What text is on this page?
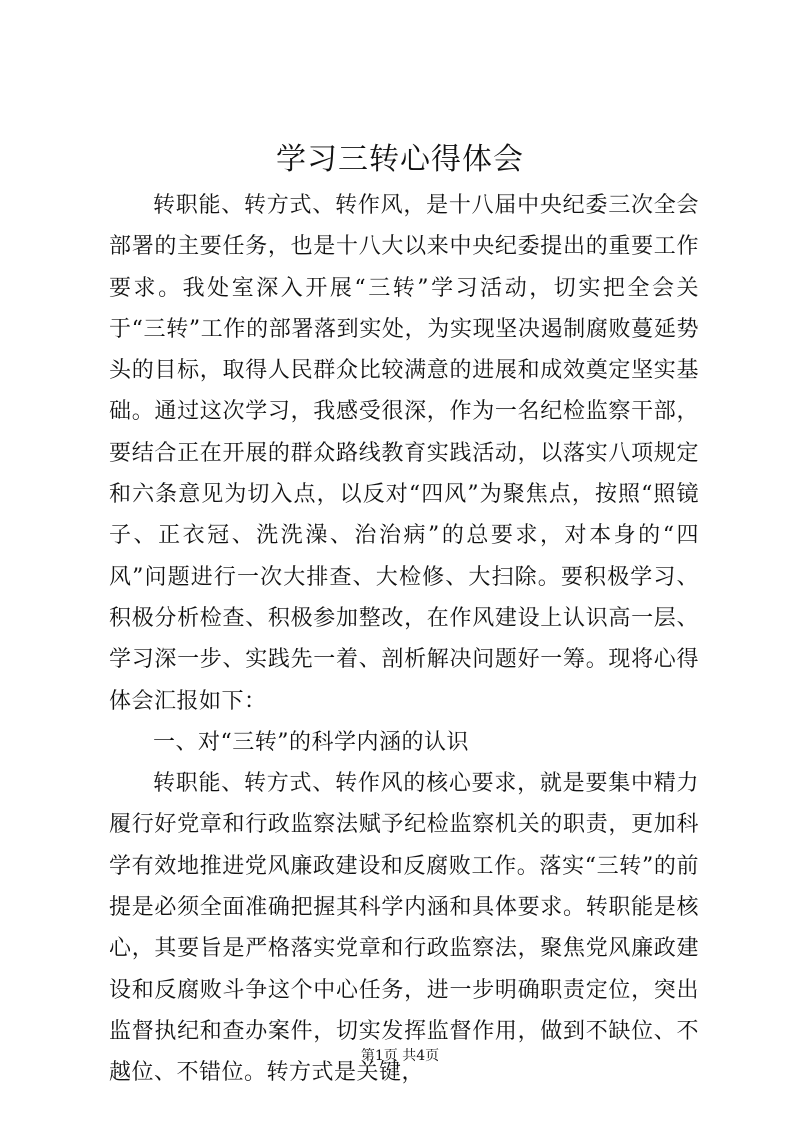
学习三转心得体会

转职能、转方式、转作风，是十八届中央纪委三次全会部署的主要任务，也是十八大以来中央纪委提出的重要工作要求。我处室深入开展“三转”学习活动，切实把全会关于“三转”工作的部署落到实处，为实现坚决遏制腐败蔓延势头的目标，取得人民群众比较满意的进展和成效奠定坚实基础。通过这次学习，我感受很深，作为一名纪检监察干部，要结合正在开展的群众路线教育实践活动，以落实八项规定和六条意见为切入点，以反对“四风”为聚焦点，按照“照镜子、正衣冠、洗洗澡、治治病”的总要求，对本身的“四风”问题进行一次大排查、大检修、大扫除。要积极学习、积极分析检查、积极参加整改，在作风建设上认识高一层、学习深一步、实践先一着、剖析解决问题好一筹。现将心得体会汇报如下：

一、对“三转”的科学内涵的认识

转职能、转方式、转作风的核心要求，就是要集中精力履行好党章和行政监察法赋予纪检监察机关的职责，更加科学有效地推进党风廉政建设和反腐败工作。落实“三转”的前提是必须全面准确把握其科学内涵和具体要求。转职能是核心，其要旨是严格落实党章和行政监察法，聚焦党风廉政建设和反腐败斗争这个中心任务，进一步明确职责定位，突出监督执纪和查办案件，切实发挥监督作用，做到不缺位、不越位、不错位。转方式是关键，

第1页 共4页
